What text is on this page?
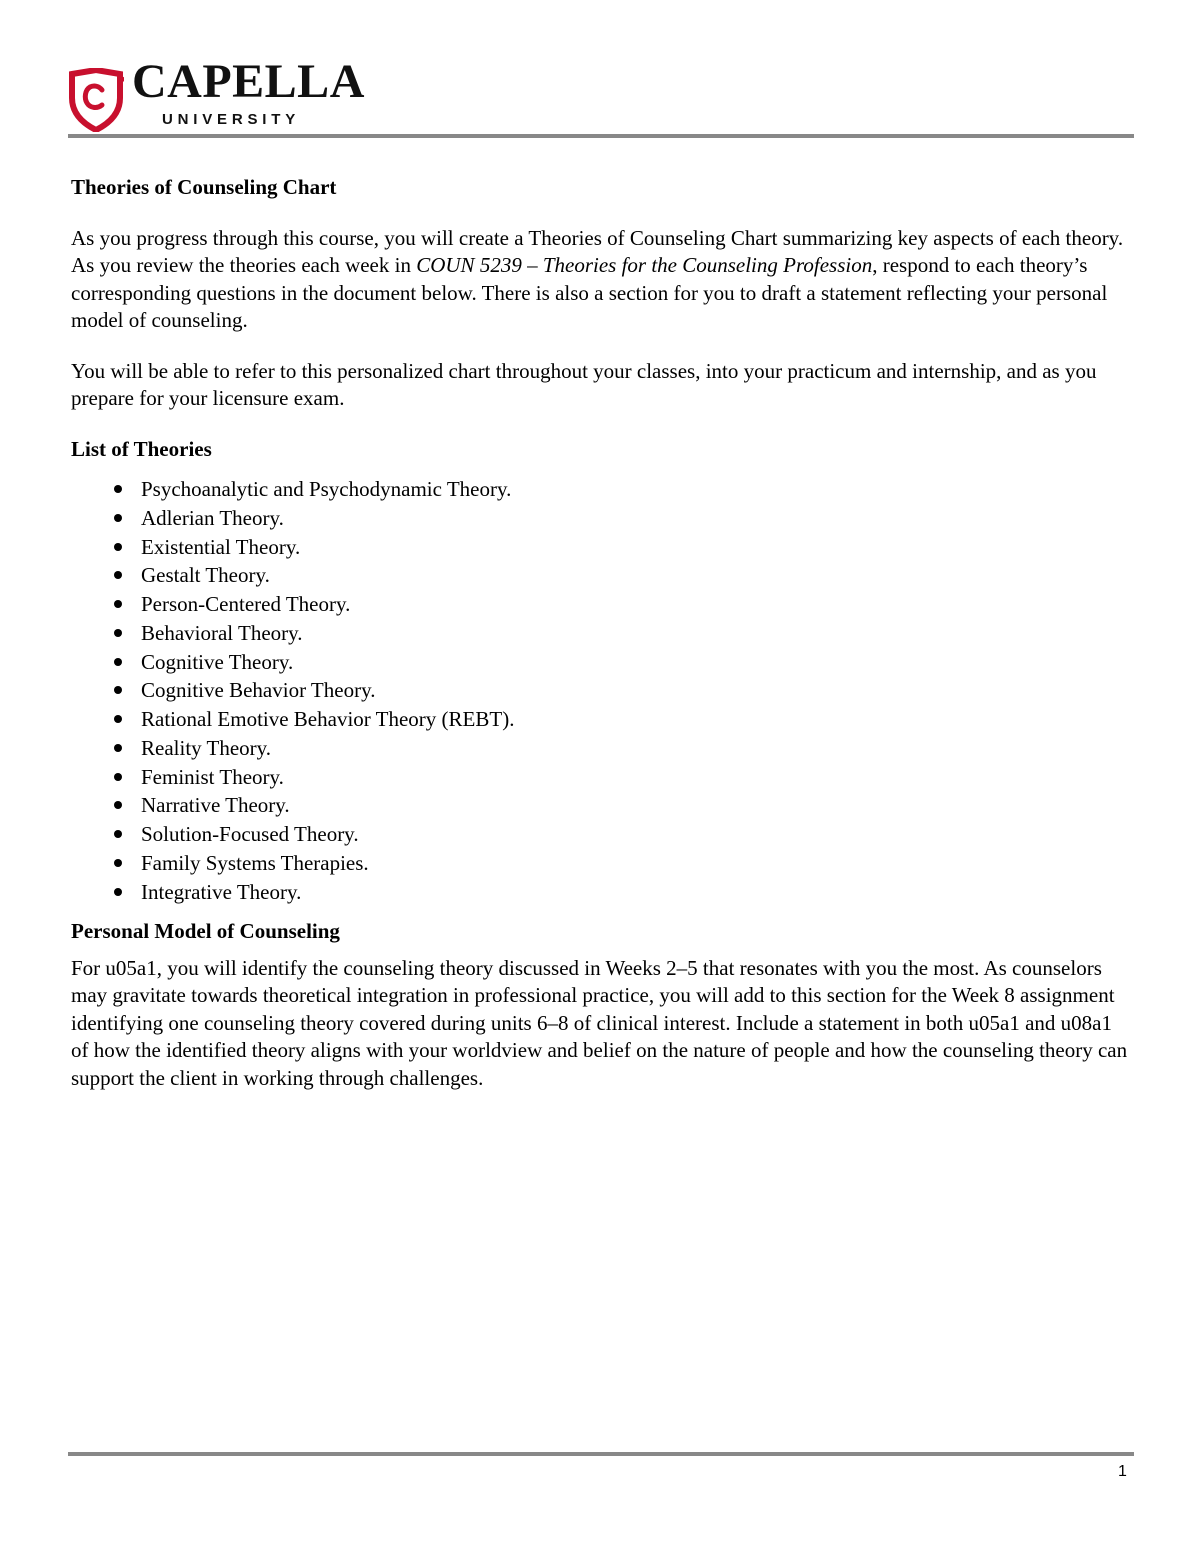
CAPELLA
UNIVERSITY

Theories of Counseling Chart

As you progress through this course, you will create a Theories of Counseling Chart summarizing key aspects of each theory. As you review the theories each week in COUN 5239 – Theories for the Counseling Profession, respond to each theory’s corresponding questions in the document below. There is also a section for you to draft a statement reflecting your personal model of counseling.

You will be able to refer to this personalized chart throughout your classes, into your practicum and internship, and as you prepare for your licensure exam.

List of Theories

Psychoanalytic and Psychodynamic Theory.
Adlerian Theory.
Existential Theory.
Gestalt Theory.
Person-Centered Theory.
Behavioral Theory.
Cognitive Theory.
Cognitive Behavior Theory.
Rational Emotive Behavior Theory (REBT).
Reality Theory.
Feminist Theory.
Narrative Theory.
Solution-Focused Theory.
Family Systems Therapies.
Integrative Theory.

Personal Model of Counseling

For u05a1, you will identify the counseling theory discussed in Weeks 2–5 that resonates with you the most. As counselors may gravitate towards theoretical integration in professional practice, you will add to this section for the Week 8 assignment identifying one counseling theory covered during units 6–8 of clinical interest. Include a statement in both u05a1 and u08a1 of how the identified theory aligns with your worldview and belief on the nature of people and how the counseling theory can support the client in working through challenges.

1
